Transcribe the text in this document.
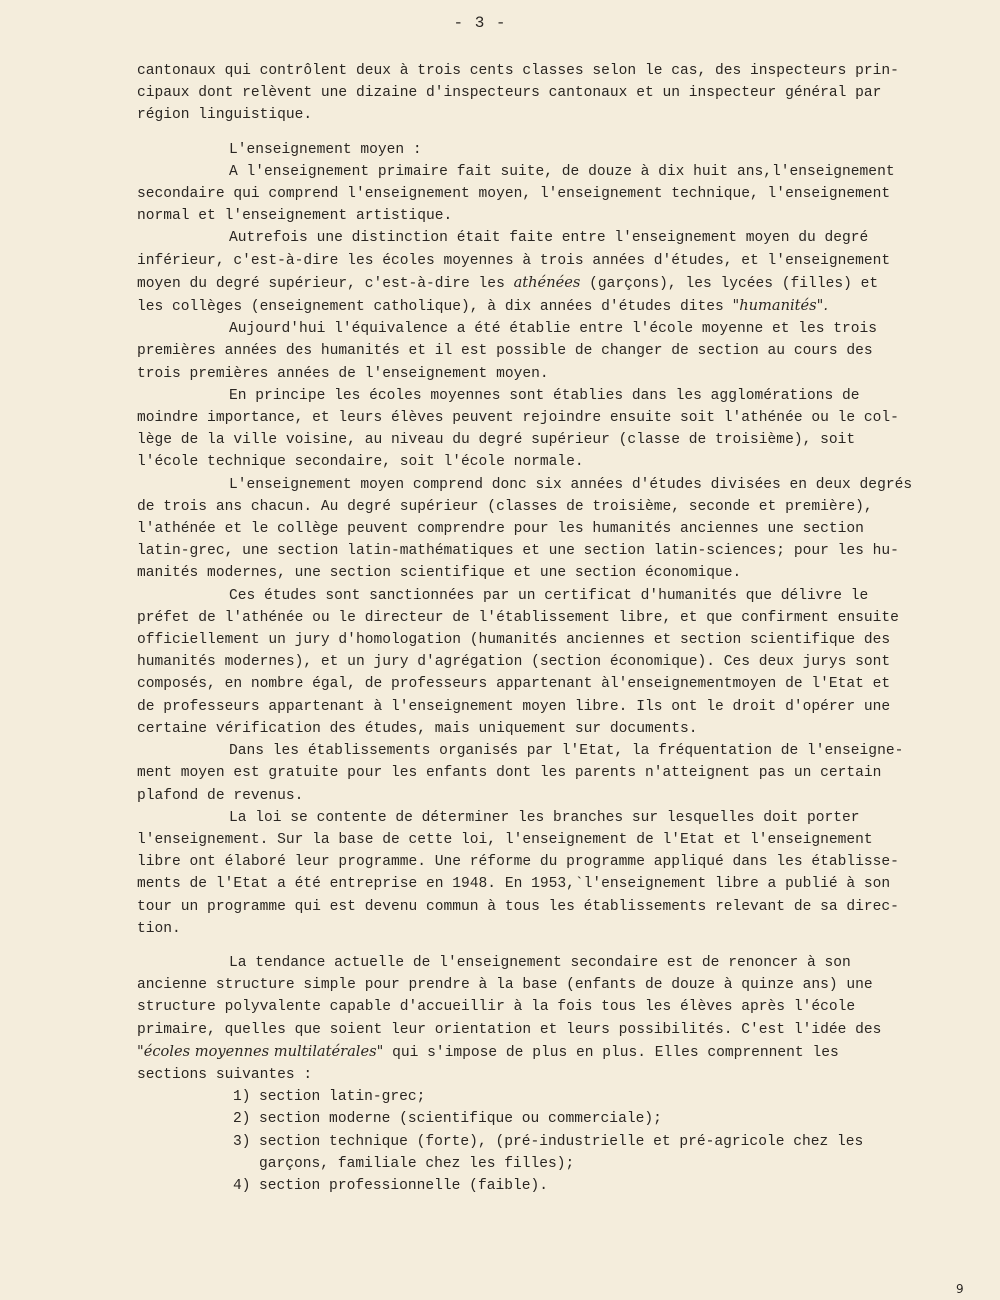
- 3 -
cantonaux qui contrôlent deux à trois cents classes selon le cas, des inspecteurs prin-
cipaux dont relèvent une dizaine d'inspecteurs cantonaux et un inspecteur général par
région linguistique.
L'enseignement moyen :
A l'enseignement primaire fait suite, de douze à dix huit ans,l'enseignement
secondaire qui comprend l'enseignement moyen, l'enseignement technique, l'enseignement
normal et l'enseignement artistique.
Autrefois une distinction était faite entre l'enseignement moyen du degré
inférieur, c'est-à-dire les écoles moyennes à trois années d'études, et l'enseignement
moyen du degré supérieur, c'est-à-dire les athénées (garçons), les lycées (filles) et
les collèges (enseignement catholique), à dix années d'études dites "humanités".
Aujourd'hui l'équivalence a été établie entre l'école moyenne et les trois
premières années des humanités et il est possible de changer de section au cours des
trois premières années de l'enseignement moyen.
En principe les écoles moyennes sont établies dans les agglomérations de
moindre importance, et leurs élèves peuvent rejoindre ensuite soit l'athénée ou le col-
lège de la ville voisine, au niveau du degré supérieur (classe de troisième), soit
l'école technique secondaire, soit l'école normale.
L'enseignement moyen comprend donc six années d'études divisées en deux degrés
de trois ans chacun. Au degré supérieur (classes de troisième, seconde et première),
l'athénée et le collège peuvent comprendre pour les humanités anciennes une section
latin-grec, une section latin-mathématiques et une section latin-sciences; pour les hu-
manités modernes, une section scientifique et une section économique.
Ces études sont sanctionnées par un certificat d'humanités que délivre le
préfet de l'athénée ou le directeur de l'établissement libre, et que confirment ensuite
officiellement un jury d'homologation (humanités anciennes et section scientifique des
humanités modernes), et un jury d'agrégation (section économique). Ces deux jurys sont
composés, en nombre égal, de professeurs appartenant àl'enseignementmoyen de l'Etat et
de professeurs appartenant à l'enseignement moyen libre. Ils ont le droit d'opérer une
certaine vérification des études, mais uniquement sur documents.
Dans les établissements organisés par l'Etat, la fréquentation de l'enseigne-
ment moyen est gratuite pour les enfants dont les parents n'atteignent pas un certain
plafond de revenus.
La loi se contente de déterminer les branches sur lesquelles doit porter
l'enseignement. Sur la base de cette loi, l'enseignement de l'Etat et l'enseignement
libre ont élaboré leur programme. Une réforme du programme appliqué dans les établisse-
ments de l'Etat a été entreprise en 1948. En 1953,`l'enseignement libre a publié à son
tour un programme qui est devenu commun à tous les établissements relevant de sa direc-
tion.
La tendance actuelle de l'enseignement secondaire est de renoncer à son
ancienne structure simple pour prendre à la base (enfants de douze à quinze ans) une
structure polyvalente capable d'accueillir à la fois tous les élèves après l'école
primaire, quelles que soient leur orientation et leurs possibilités. C'est l'idée des
"écoles moyennes multilatérales" qui s'impose de plus en plus. Elles comprennent les
sections suivantes :
1) section latin-grec;
2) section moderne (scientifique ou commerciale);
3) section technique (forte), (pré-industrielle et pré-agricole chez les
garçons, familiale chez les filles);
4) section professionnelle (faible).
9
